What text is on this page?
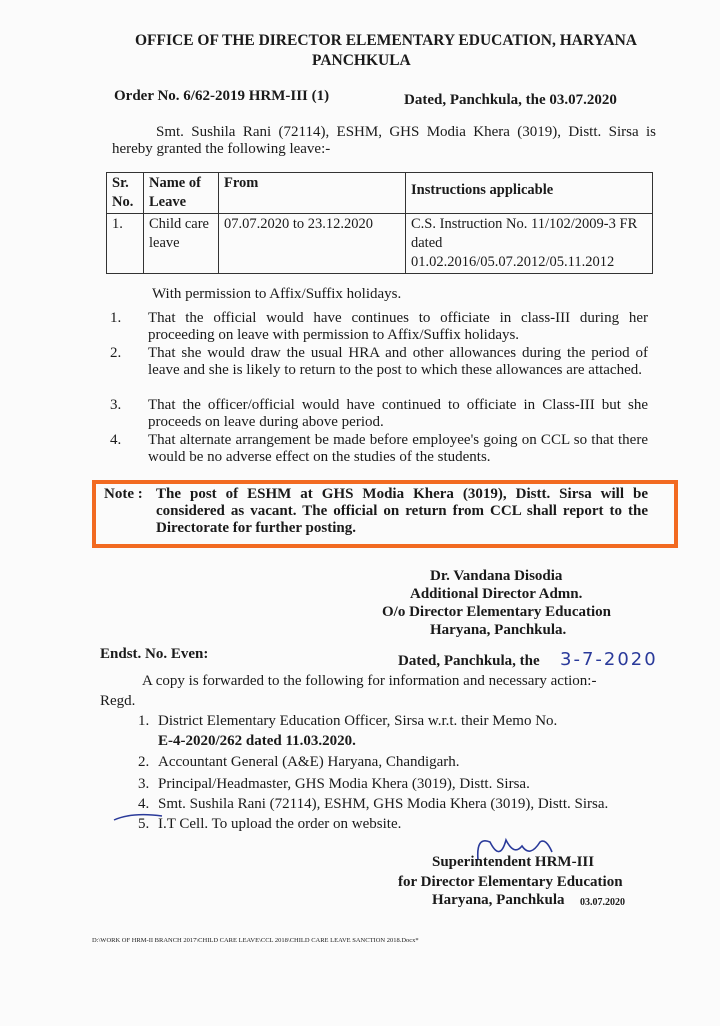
OFFICE OF THE DIRECTOR ELEMENTARY EDUCATION, HARYANA
PANCHKULA
Order No. 6/62-2019 HRM-III (1)	Dated, Panchkula, the 03.07.2020
Smt. Sushila Rani (72114), ESHM, GHS Modia Khera (3019), Distt. Sirsa is hereby granted the following leave:-
Sr. No.	Name of Leave	From	Instructions applicable
1.	Child care leave	07.07.2020 to 23.12.2020	C.S. Instruction No. 11/102/2009-3 FR dated 01.02.2016/05.07.2012/05.11.2012
With permission to Affix/Suffix holidays.
1. That the official would have continues to officiate in class-III during her proceeding on leave with permission to Affix/Suffix holidays.
2. That she would draw the usual HRA and other allowances during the period of leave and she is likely to return to the post to which these allowances are attached.
3. That the officer/official would have continued to officiate in Class-III but she proceeds on leave during above period.
4. That alternate arrangement be made before employee's going on CCL so that there would be no adverse effect on the studies of the students.
Note : The post of ESHM at GHS Modia Khera (3019), Distt. Sirsa will be considered as vacant. The official on return from CCL shall report to the Directorate for further posting.
Dr. Vandana Disodia
Additional Director Admn.
O/o Director Elementary Education
Haryana, Panchkula.
Endst. No. Even:	Dated, Panchkula, the 3-7-2020
A copy is forwarded to the following for information and necessary action:-
Regd.
1. District Elementary Education Officer, Sirsa w.r.t. their Memo No.
E-4-2020/262 dated 11.03.2020.
2. Accountant General (A&E) Haryana, Chandigarh.
3. Principal/Headmaster, GHS Modia Khera (3019), Distt. Sirsa.
4. Smt. Sushila Rani (72114), ESHM, GHS Modia Khera (3019), Distt. Sirsa.
5. I.T Cell. To upload the order on website.
Superintendent HRM-III
for Director Elementary Education
Haryana, Panchkula 03.07.2020
D:\WORK OF HRM-II BRANCH 2017\CHILD CARE LEAVE\CCL 2018\CHILD CARE LEAVE SANCTION 2018.Docx*
